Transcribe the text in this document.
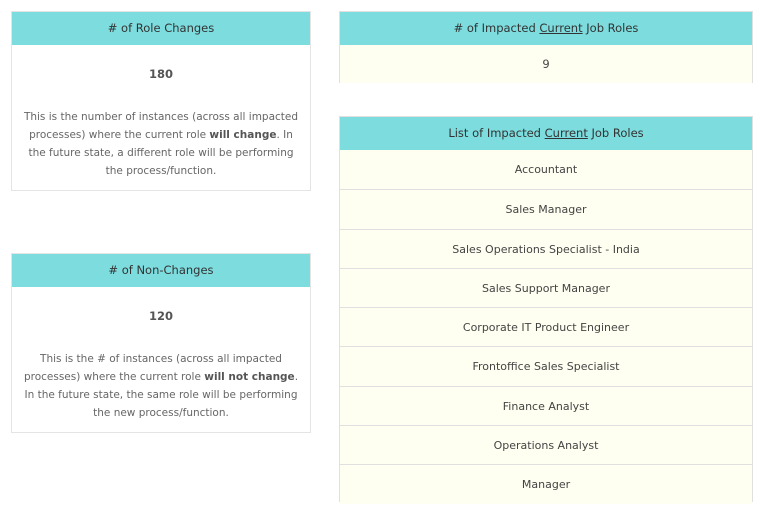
# of Role Changes
180
This is the number of instances (across all impacted processes) where the current role will change. In the future state, a different role will be performing the process/function.
# of Non-Changes
120
This is the # of instances (across all impacted processes) where the current role will not change. In the future state, the same role will be performing the new process/function.
# of Impacted Current Job Roles
9
List of Impacted Current Job Roles
Accountant
Sales Manager
Sales Operations Specialist - India
Sales Support Manager
Corporate IT Product Engineer
Frontoffice Sales Specialist
Finance Analyst
Operations Analyst
Manager
